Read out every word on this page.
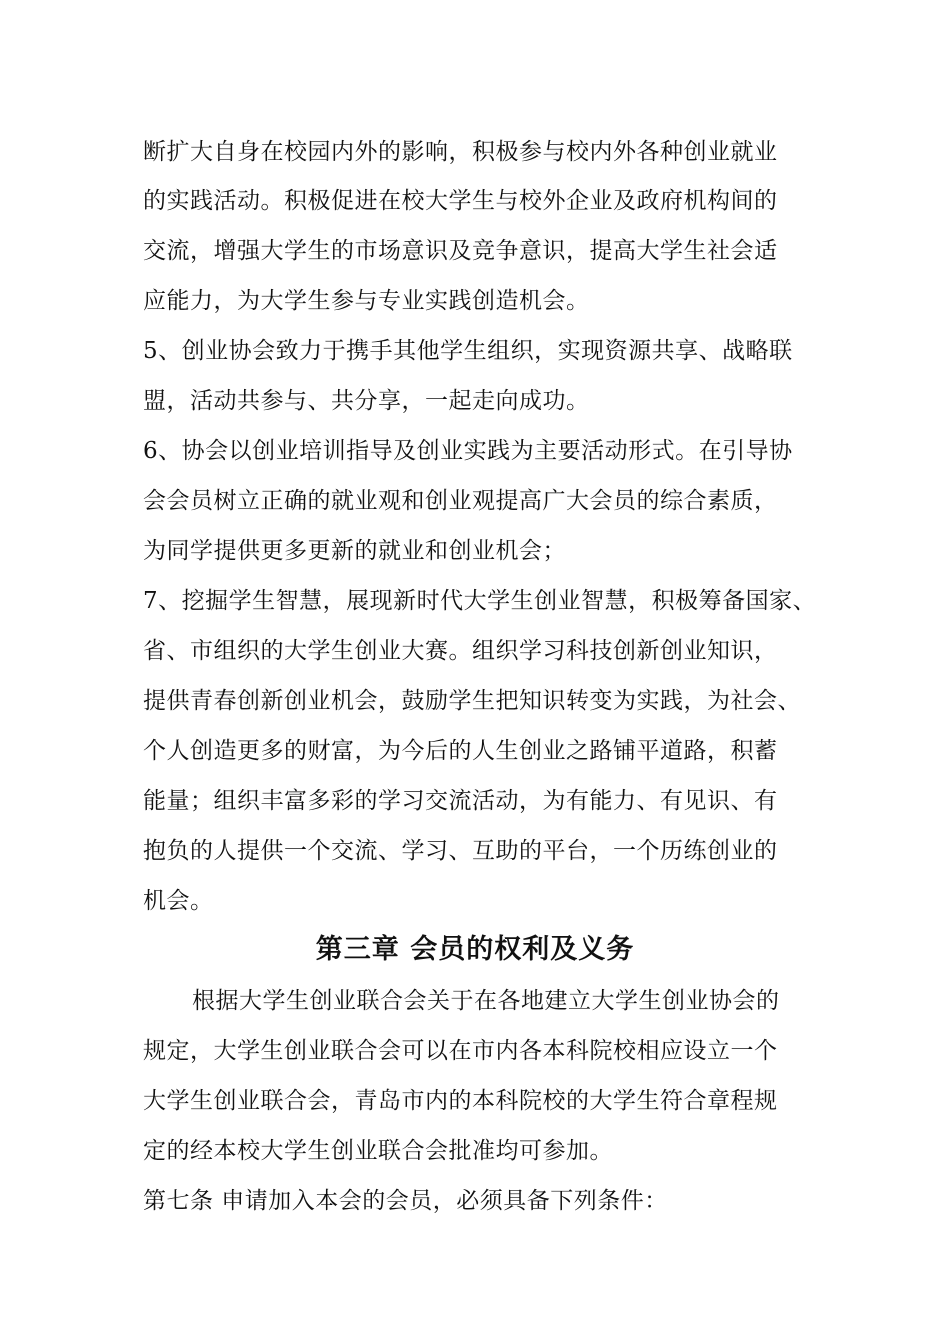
断扩大自身在校园内外的影响，积极参与校内外各种创业就业
的实践活动。积极促进在校大学生与校外企业及政府机构间的
交流，增强大学生的市场意识及竞争意识，提高大学生社会适
应能力，为大学生参与专业实践创造机会。
5、创业协会致力于携手其他学生组织，实现资源共享、战略联
盟，活动共参与、共分享，一起走向成功。
6、协会以创业培训指导及创业实践为主要活动形式。在引导协
会会员树立正确的就业观和创业观提高广大会员的综合素质，
为同学提供更多更新的就业和创业机会；
7、挖掘学生智慧，展现新时代大学生创业智慧，积极筹备国家、
省、市组织的大学生创业大赛。组织学习科技创新创业知识，
提供青春创新创业机会，鼓励学生把知识转变为实践，为社会、
个人创造更多的财富，为今后的人生创业之路铺平道路，积蓄
能量；组织丰富多彩的学习交流活动，为有能力、有见识、有
抱负的人提供一个交流、学习、互助的平台，一个历练创业的
机会。
第三章 会员的权利及义务
根据大学生创业联合会关于在各地建立大学生创业协会的
规定，大学生创业联合会可以在市内各本科院校相应设立一个
大学生创业联合会，青岛市内的本科院校的大学生符合章程规
定的经本校大学生创业联合会批准均可参加。
第七条 申请加入本会的会员，必须具备下列条件：
